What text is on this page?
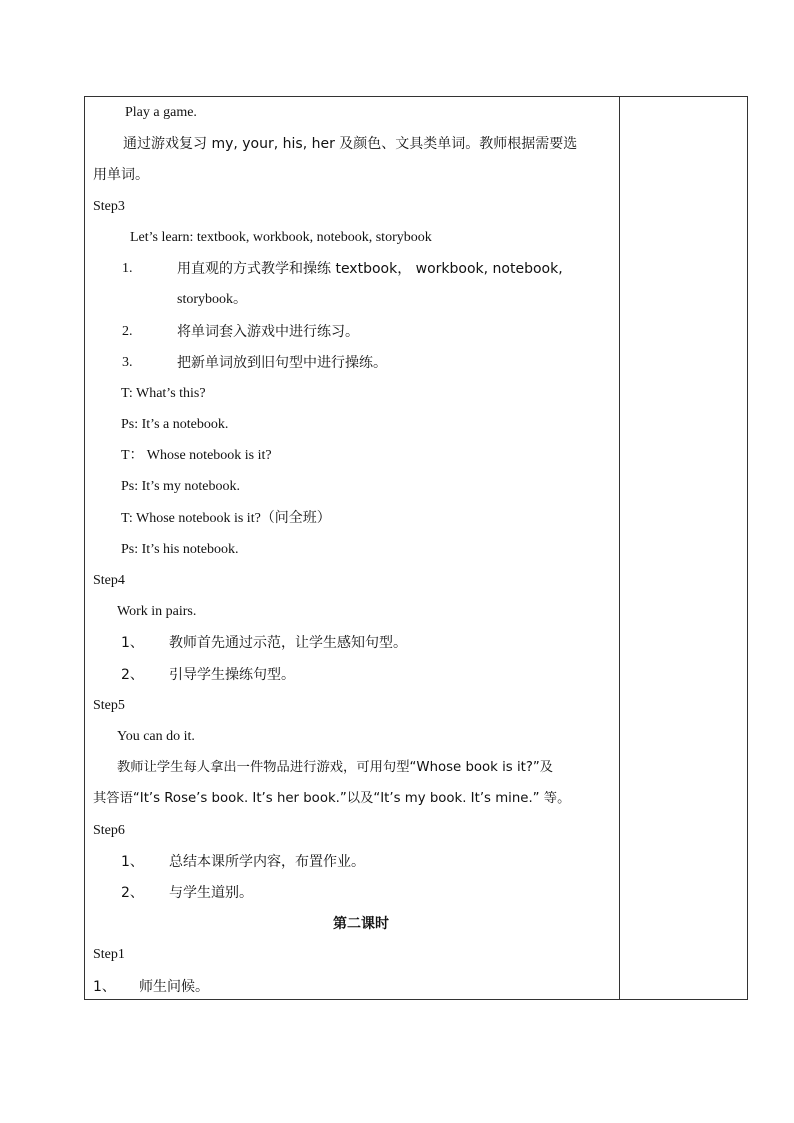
Play a game.
通过游戏复习 my, your, his, her 及颜色、文具类单词。教师根据需要选
用单词。
Step3
Let’s learn: textbook, workbook, notebook, storybook
1.	用直观的方式教学和操练 textbook， workbook, notebook,
storybook。
2.	将单词套入游戏中进行练习。
3.	把新单词放到旧句型中进行操练。
T: What’s this?
Ps: It’s a notebook.
T： Whose notebook is it?
Ps: It’s my notebook.
T: Whose notebook is it?（问全班）
Ps: It’s his notebook.
Step4
Work in pairs.
1、 教师首先通过示范，让学生感知句型。
2、 引导学生操练句型。
Step5
You can do it.
教师让学生每人拿出一件物品进行游戏，可用句型“Whose book is it?”及
其答语“It’s Rose’s book. It’s her book.”以及“It’s my book. It’s mine.” 等。
Step6
1、 总结本课所学内容，布置作业。
2、 与学生道别。
第二课时
Step1
1、 师生问候。
